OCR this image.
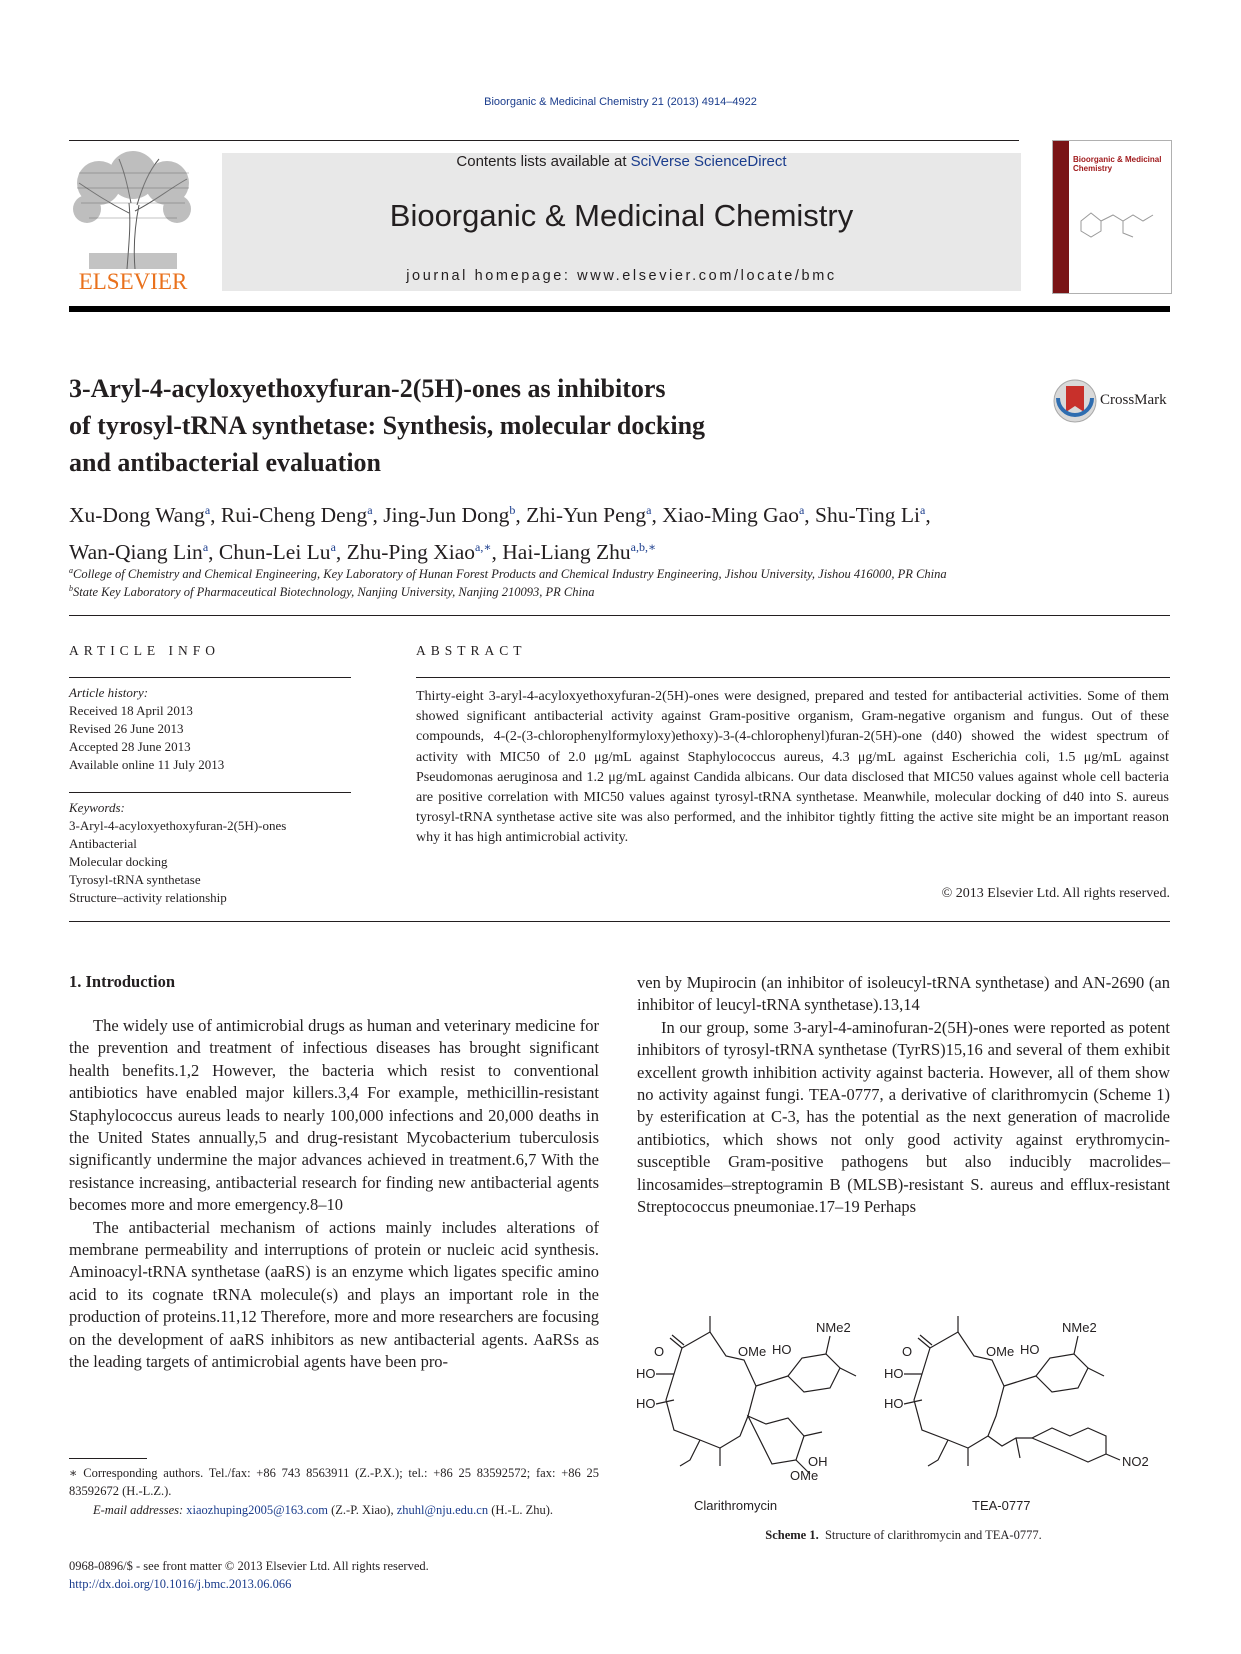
Bioorganic & Medicinal Chemistry 21 (2013) 4914–4922
ELSEVIER
Contents lists available at SciVerse ScienceDirect
Bioorganic & Medicinal Chemistry
journal homepage: www.elsevier.com/locate/bmc
Bioorganic & Medicinal Chemistry
3-Aryl-4-acyloxyethoxyfuran-2(5H)-ones as inhibitors
of tyrosyl-tRNA synthetase: Synthesis, molecular docking
and antibacterial evaluation
CrossMark
Xu-Dong Wang$^a$, Rui-Cheng Deng$^a$, Jing-Jun Dong$^b$, Zhi-Yun Peng$^a$, Xiao-Ming Gao$^a$, Shu-Ting Li$^a$,
Wan-Qiang Lin$^a$, Chun-Lei Lu$^a$, Zhu-Ping Xiao$^{a,∗}$, Hai-Liang Zhu$^{a,b,∗}$
$^a$College of Chemistry and Chemical Engineering, Key Laboratory of Hunan Forest Products and Chemical Industry Engineering, Jishou University, Jishou 416000, PR China
$^b$State Key Laboratory of Pharmaceutical Biotechnology, Nanjing University, Nanjing 210093, PR China
ARTICLE INFO
Article history:
Received 18 April 2013
Revised 26 June 2013
Accepted 28 June 2013
Available online 11 July 2013
Keywords:
3-Aryl-4-acyloxyethoxyfuran-2(5H)-ones
Antibacterial
Molecular docking
Tyrosyl-tRNA synthetase
Structure–activity relationship
ABSTRACT
Thirty-eight 3-aryl-4-acyloxyethoxyfuran-2(5H)-ones were designed, prepared and tested for antibacterial activities. Some of them showed significant antibacterial activity against Gram-positive organism, Gram-negative organism and fungus. Out of these compounds, 4-(2-(3-chlorophenylformyloxy)ethoxy)-3-(4-chlorophenyl)furan-2(5H)-one (d40) showed the widest spectrum of activity with MIC50 of 2.0 μg/mL against Staphylococcus aureus, 4.3 μg/mL against Escherichia coli, 1.5 μg/mL against Pseudomonas aeruginosa and 1.2 μg/mL against Candida albicans. Our data disclosed that MIC50 values against whole cell bacteria are positive correlation with MIC50 values against tyrosyl-tRNA synthetase. Meanwhile, molecular docking of d40 into S. aureus tyrosyl-tRNA synthetase active site was also performed, and the inhibitor tightly fitting the active site might be an important reason why it has high antimicrobial activity.
© 2013 Elsevier Ltd. All rights reserved.
1. Introduction

The widely use of antimicrobial drugs as human and veterinary medicine for the prevention and treatment of infectious diseases has brought significant health benefits.1,2 However, the bacteria which resist to conventional antibiotics have enabled major killers.3,4 For example, methicillin-resistant Staphylococcus aureus leads to nearly 100,000 infections and 20,000 deaths in the United States annually,5 and drug-resistant Mycobacterium tuberculosis significantly undermine the major advances achieved in treatment.6,7 With the resistance increasing, antibacterial research for finding new antibacterial agents becomes more and more emergency.8–10

The antibacterial mechanism of actions mainly includes alterations of membrane permeability and interruptions of protein or nucleic acid synthesis. Aminoacyl-tRNA synthetase (aaRS) is an enzyme which ligates specific amino acid to its cognate tRNA molecule(s) and plays an important role in the production of proteins.11,12 Therefore, more and more researchers are focusing on the development of aaRS inhibitors as new antibacterial agents. AaRSs as the leading targets of antimicrobial agents have been pro-

ven by Mupirocin (an inhibitor of isoleucyl-tRNA synthetase) and AN-2690 (an inhibitor of leucyl-tRNA synthetase).13,14

In our group, some 3-aryl-4-aminofuran-2(5H)-ones were reported as potent inhibitors of tyrosyl-tRNA synthetase (TyrRS)15,16 and several of them exhibit excellent growth inhibition activity against bacteria. However, all of them show no activity against fungi. TEA-0777, a derivative of clarithromycin (Scheme 1) by esterification at C-3, has the potential as the next generation of macrolide antibiotics, which shows not only good activity against erythromycin-susceptible Gram-positive pathogens but also inducibly macrolides–lincosamides–streptogramin B (MLSB)-resistant S. aureus and efflux-resistant Streptococcus pneumoniae.17–19 Perhaps

NMe2
HO
OMe
O
HO
HO
OH
OMe
NMe2
HO
OMe
O
HO
HO
NO2
Clarithromycin	TEA-0777
Scheme 1. Structure of clarithromycin and TEA-0777.
∗ Corresponding authors. Tel./fax: +86 743 8563911 (Z.-P.X.); tel.: +86 25 83592572; fax: +86 25 83592672 (H.-L.Z.).
E-mail addresses: xiaozhuping2005@163.com (Z.-P. Xiao), zhuhl@nju.edu.cn (H.-L. Zhu).
0968-0896/$ - see front matter © 2013 Elsevier Ltd. All rights reserved.
http://dx.doi.org/10.1016/j.bmc.2013.06.066
